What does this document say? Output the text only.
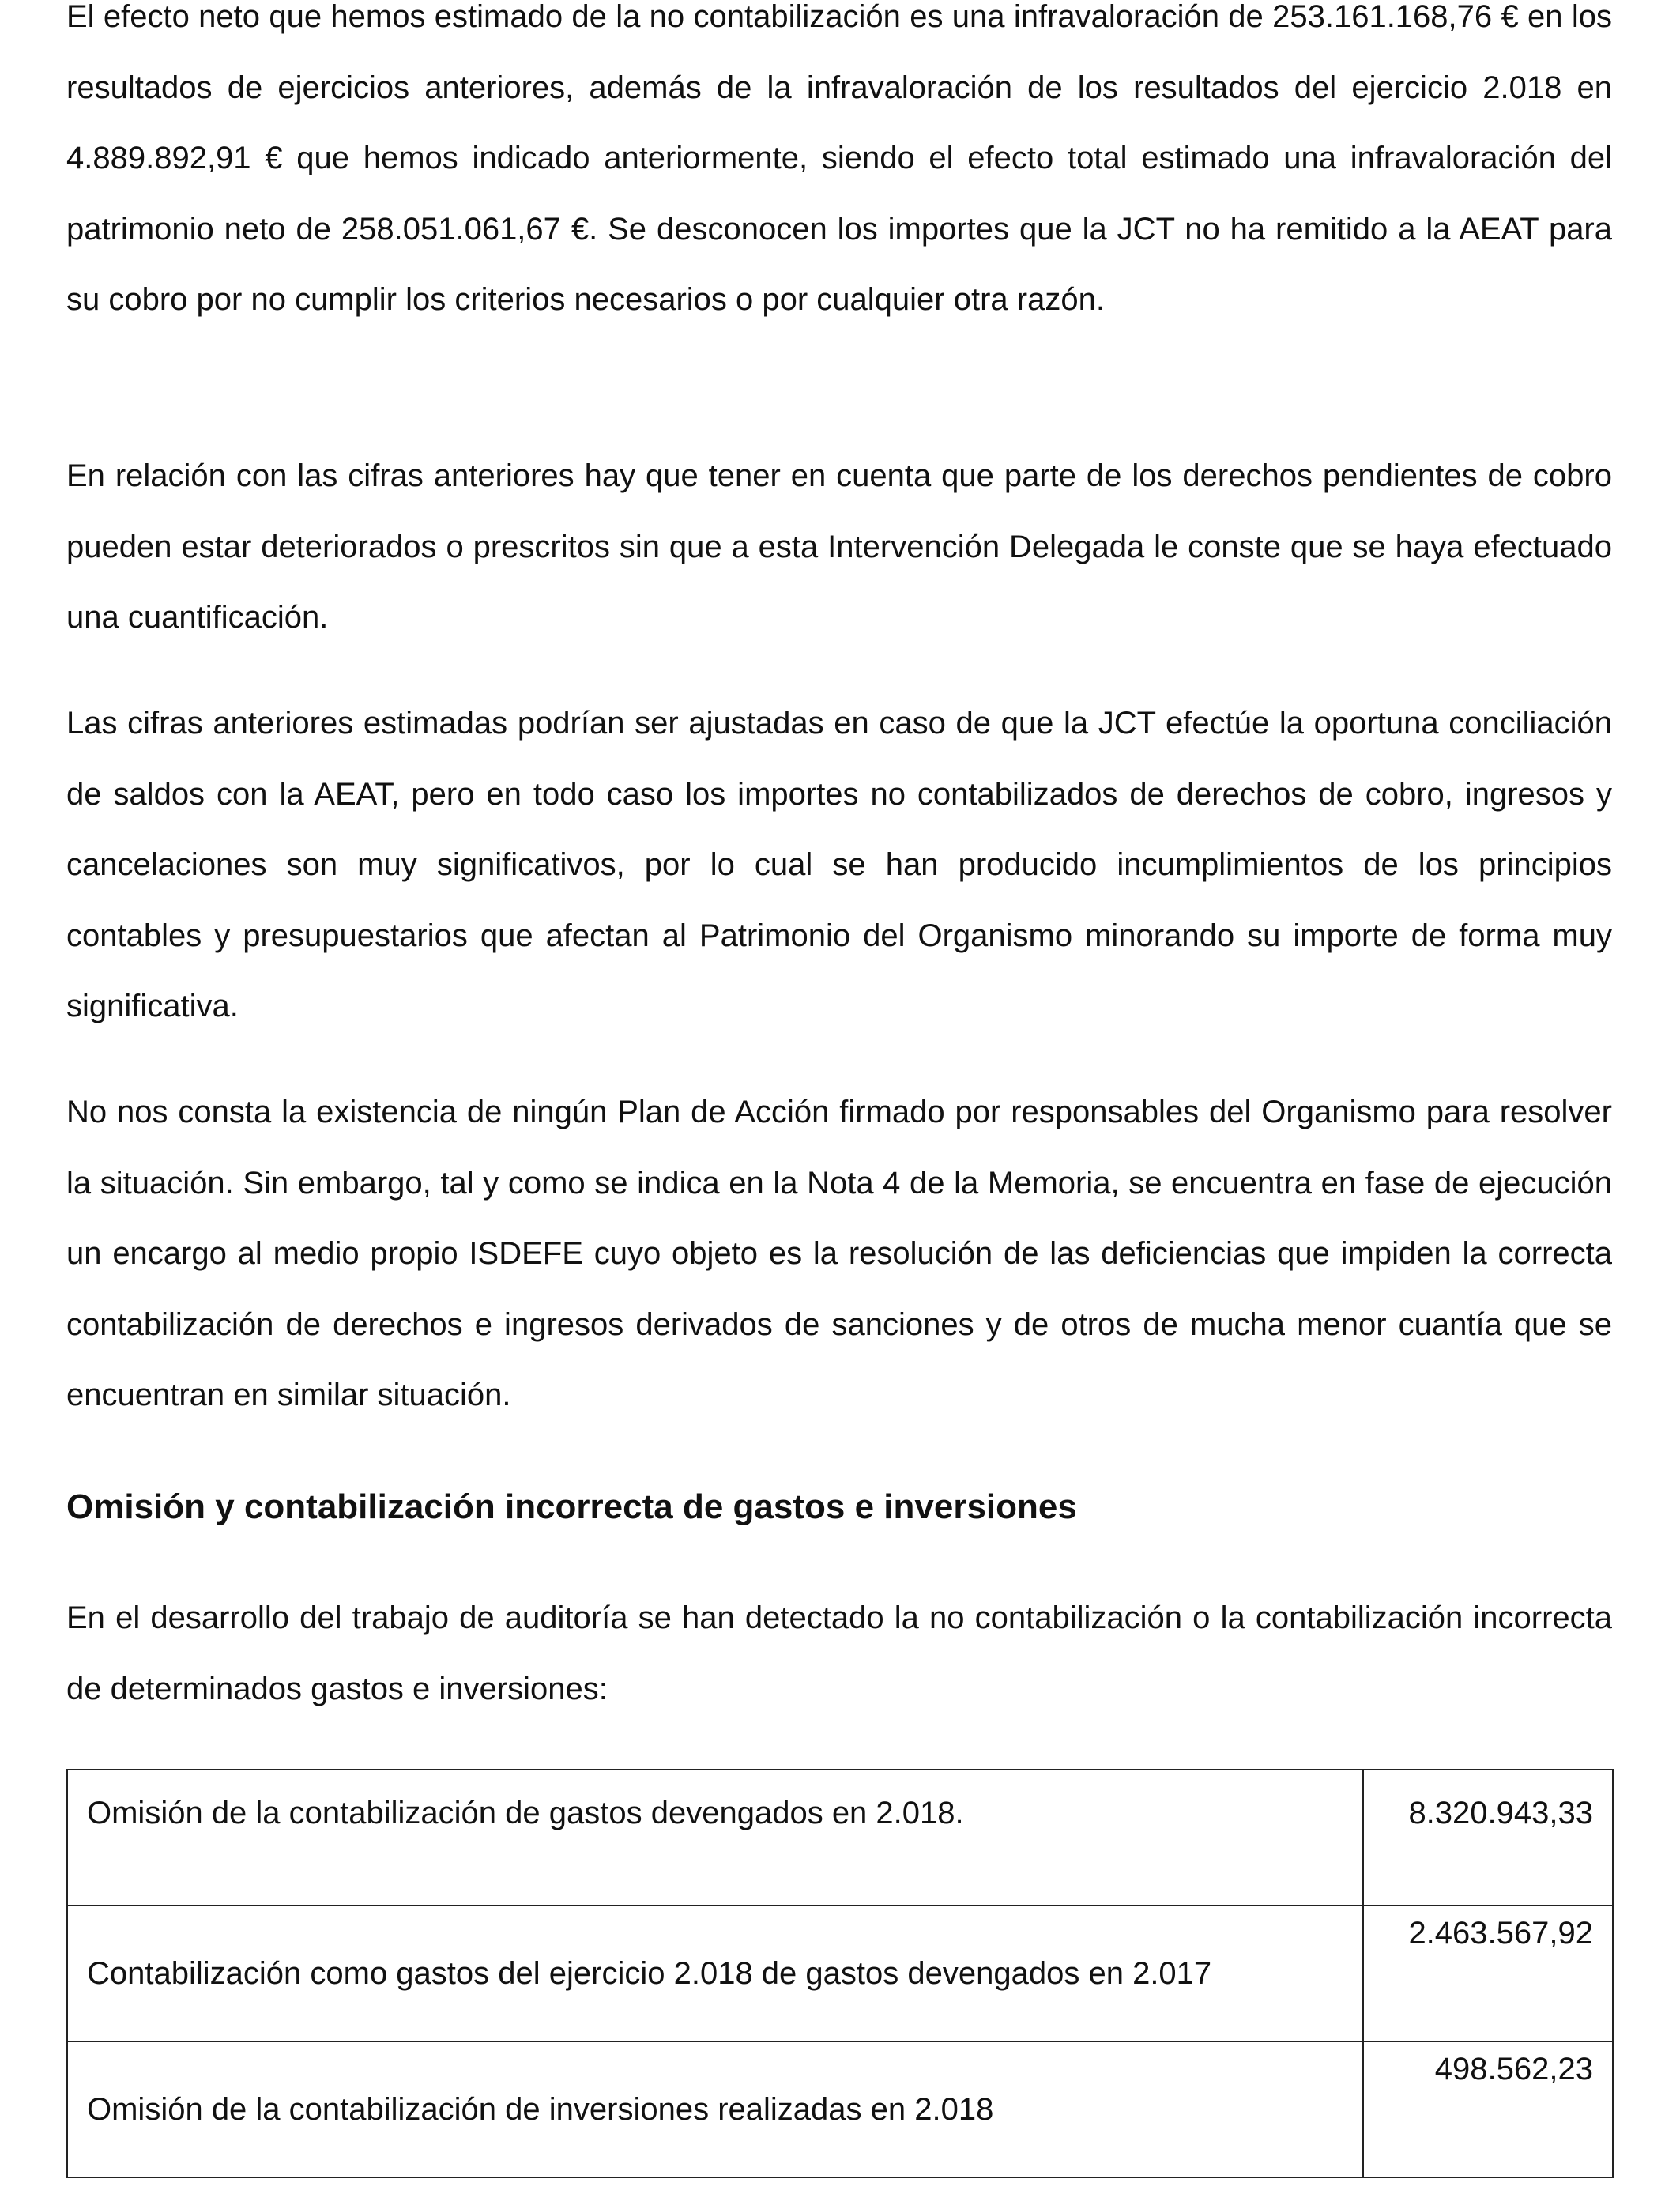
El efecto neto que hemos estimado de la no contabilización es una infravaloración de 253.161.168,76 € en los resultados de ejercicios anteriores, además de la infravaloración de los resultados del ejercicio 2.018 en 4.889.892,91 € que hemos indicado anteriormente, siendo el efecto total estimado una infravaloración del patrimonio neto de 258.051.061,67 €. Se desconocen los importes que la JCT no ha remitido a la AEAT para su cobro por no cumplir los criterios necesarios o por cualquier otra razón.

En relación con las cifras anteriores hay que tener en cuenta que parte de los derechos pendientes de cobro pueden estar deteriorados o prescritos sin que a esta Intervención Delegada le conste que se haya efectuado una cuantificación.

Las cifras anteriores estimadas podrían ser ajustadas en caso de que la JCT efectúe la oportuna conciliación de saldos con la AEAT, pero en todo caso los importes no contabilizados de derechos de cobro, ingresos y cancelaciones son muy significativos, por lo cual se han producido incumplimientos de los principios contables y presupuestarios que afectan al Patrimonio del Organismo minorando su importe de forma muy significativa.

No nos consta la existencia de ningún Plan de Acción firmado por responsables del Organismo para resolver la situación. Sin embargo, tal y como se indica en la Nota 4 de la Memoria, se encuentra en fase de ejecución un encargo al medio propio ISDEFE cuyo objeto es la resolución de las deficiencias que impiden la correcta contabilización de derechos e ingresos derivados de sanciones y de otros de mucha menor cuantía que se encuentran en similar situación.

Omisión y contabilización incorrecta de gastos e inversiones

En el desarrollo del trabajo de auditoría se han detectado la no contabilización o la contabilización incorrecta de determinados gastos e inversiones:

Omisión de la contabilización de gastos devengados en 2.018.	8.320.943,33
Contabilización como gastos del ejercicio 2.018 de gastos devengados en 2.017	2.463.567,92
Omisión de la contabilización de inversiones realizadas en 2.018	498.562,23
